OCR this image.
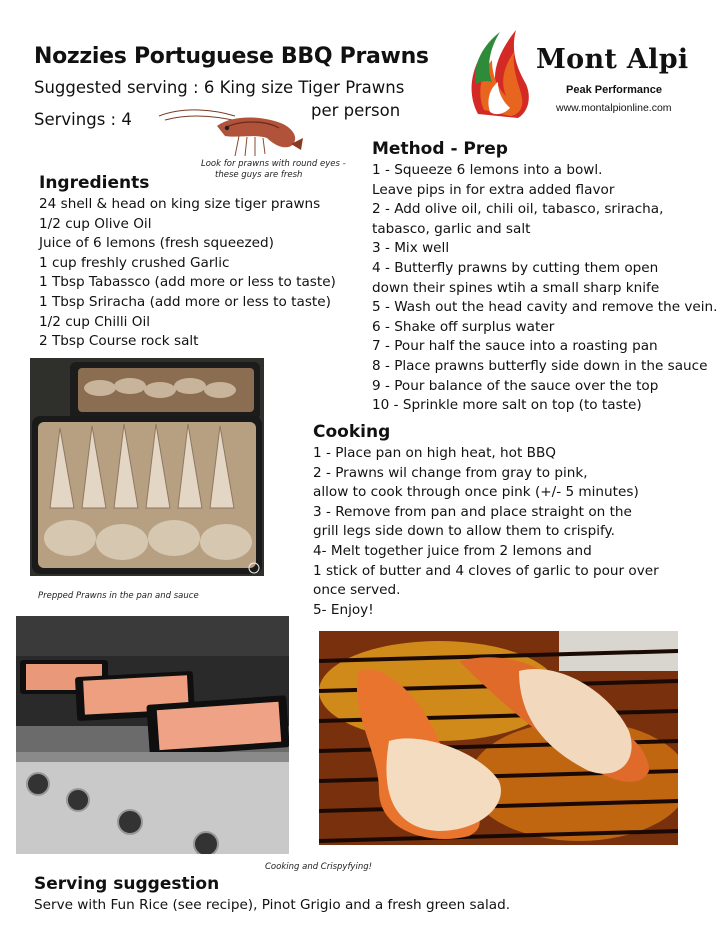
Nozzies Portuguese BBQ Prawns
Suggested serving : 6 King size Tiger Prawns
per person
Servings : 4
Mont Alpi
Peak Performance
www.montalpionline.com
Look for prawns with round eyes -
these guys are fresh
Ingredients
24 shell & head on king size tiger prawns
1/2 cup Olive Oil
Juice of 6 lemons (fresh squeezed)
1 cup freshly crushed Garlic
1 Tbsp Tabassco (add more or less to taste)
1 Tbsp Sriracha (add more or less to taste)
1/2 cup Chilli Oil
2 Tbsp Course rock salt
Method - Prep
1 - Squeeze 6 lemons into a bowl.
Leave pips in for extra added flavor
2 - Add olive oil, chili oil, tabasco, sriracha,
tabasco, garlic and salt
3 - Mix well
4 - Butterfly prawns by cutting them open
down their spines wtih a small sharp knife
5 - Wash out the head cavity and remove the vein.
6 - Shake off surplus water
7 - Pour half the sauce into a roasting pan
8 - Place prawns butterfly side down in the sauce
9 - Pour balance of the sauce over the top
10 - Sprinkle more salt on top (to taste)
Cooking
1 - Place pan on high heat, hot BBQ
2 - Prawns wil change from gray to pink,
allow to cook through once pink (+/- 5 minutes)
3 - Remove from pan and place straight on the
grill legs side down to allow them to crispify.
4- Melt together juice from 2 lemons and
1 stick of butter and 4 cloves of garlic to pour over
once served.
5- Enjoy!
Prepped Prawns in the pan and sauce
Cooking and Crispyfying!
Serving suggestion
Serve with Fun Rice (see recipe), Pinot Grigio and a fresh green salad.
